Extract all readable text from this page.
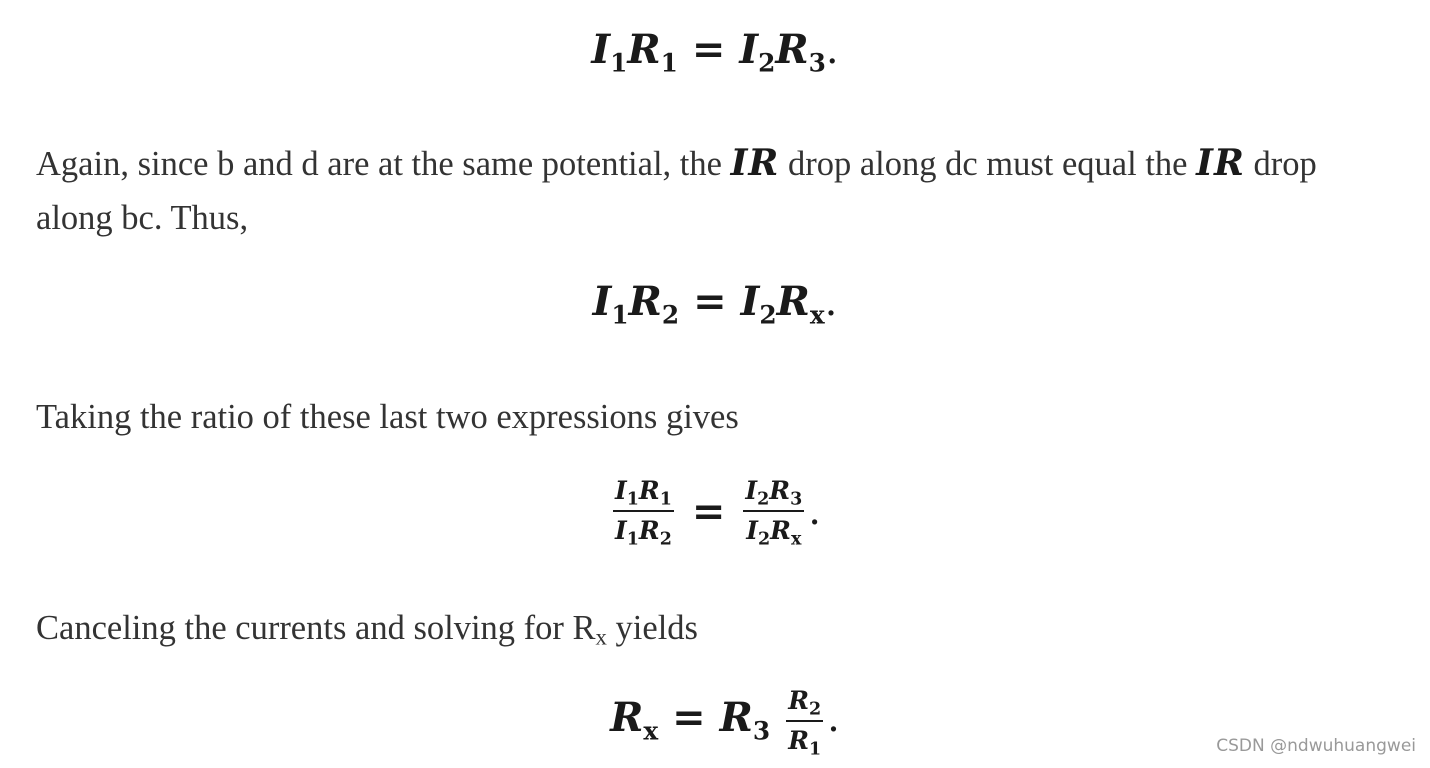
$I_1R_1 = I_2R_3$.
Again, since b and d are at the same potential, the IR drop along dc must equal the IR drop along bc. Thus,
$I_1R_2 = I_2R_x$.
Taking the ratio of these last two expressions gives
$\frac{I_1R_1}{I_1R_2} = \frac{I_2R_3}{I_2R_x}$ .
Canceling the currents and solving for Rx yields
$R_x = R_3 \frac{R_2}{R_1}$ .
CSDN @ndwuhuangwei
